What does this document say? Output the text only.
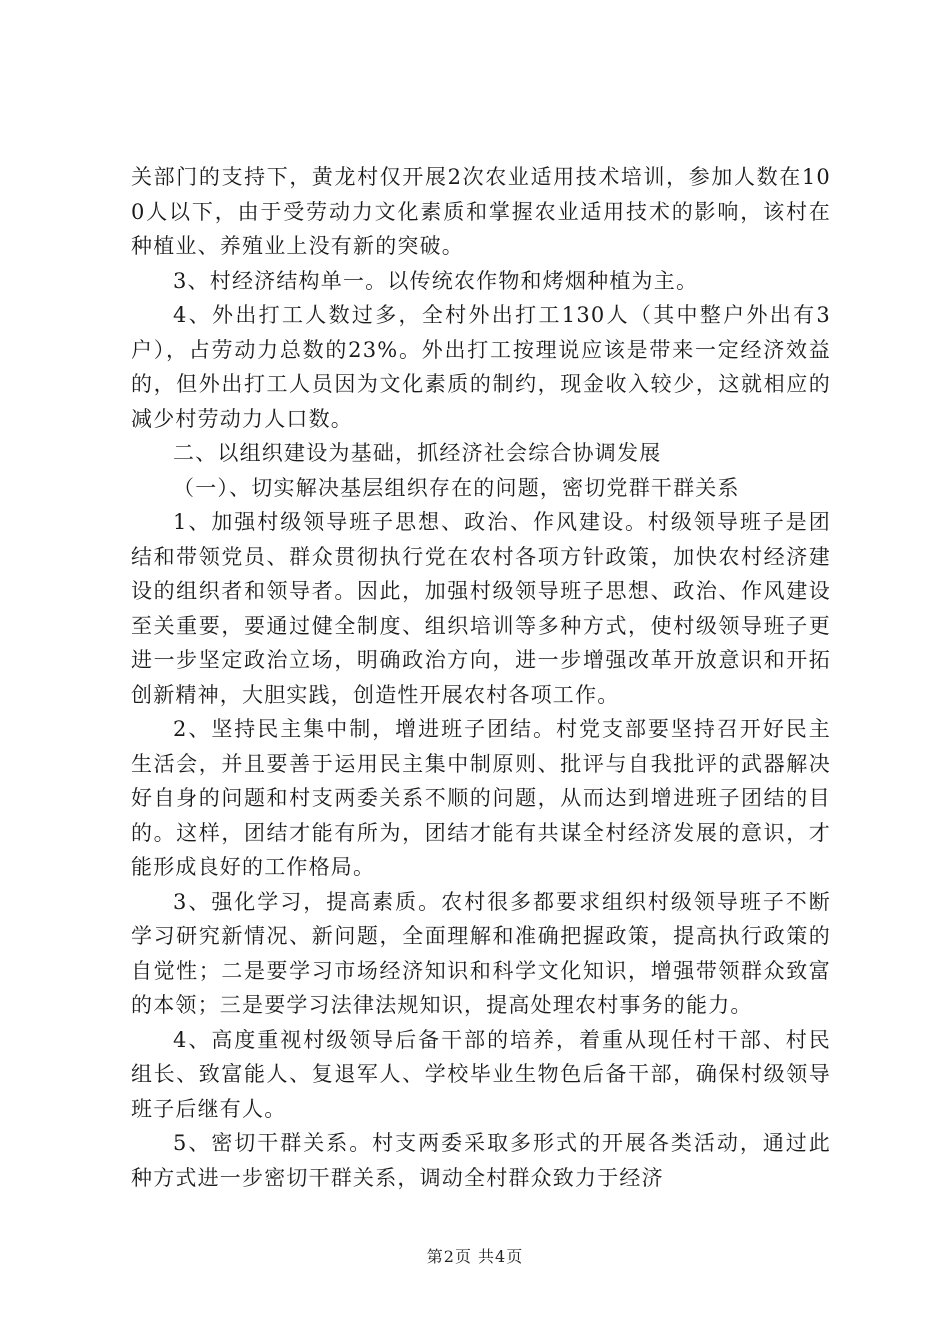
关部门的支持下，黄龙村仅开展2次农业适用技术培训，参加人数在100人以下，由于受劳动力文化素质和掌握农业适用技术的影响，该村在种植业、养殖业上没有新的突破。

3、村经济结构单一。以传统农作物和烤烟种植为主。

4、外出打工人数过多，全村外出打工130人（其中整户外出有3户），占劳动力总数的23%。外出打工按理说应该是带来一定经济效益的，但外出打工人员因为文化素质的制约，现金收入较少，这就相应的减少村劳动力人口数。

二、以组织建设为基础，抓经济社会综合协调发展

（一）、切实解决基层组织存在的问题，密切党群干群关系

1、加强村级领导班子思想、政治、作风建设。村级领导班子是团结和带领党员、群众贯彻执行党在农村各项方针政策，加快农村经济建设的组织者和领导者。因此，加强村级领导班子思想、政治、作风建设至关重要，要通过健全制度、组织培训等多种方式，使村级领导班子更进一步坚定政治立场，明确政治方向，进一步增强改革开放意识和开拓创新精神，大胆实践，创造性开展农村各项工作。

2、坚持民主集中制，增进班子团结。村党支部要坚持召开好民主生活会，并且要善于运用民主集中制原则、批评与自我批评的武器解决好自身的问题和村支两委关系不顺的问题，从而达到增进班子团结的目的。这样，团结才能有所为，团结才能有共谋全村经济发展的意识，才能形成良好的工作格局。

3、强化学习，提高素质。农村很多都要求组织村级领导班子不断学习研究新情况、新问题，全面理解和准确把握政策，提高执行政策的自觉性；二是要学习市场经济知识和科学文化知识，增强带领群众致富的本领；三是要学习法律法规知识，提高处理农村事务的能力。

4、高度重视村级领导后备干部的培养，着重从现任村干部、村民组长、致富能人、复退军人、学校毕业生物色后备干部，确保村级领导班子后继有人。

5、密切干群关系。村支两委采取多形式的开展各类活动，通过此种方式进一步密切干群关系，调动全村群众致力于经济

第2页 共4页
